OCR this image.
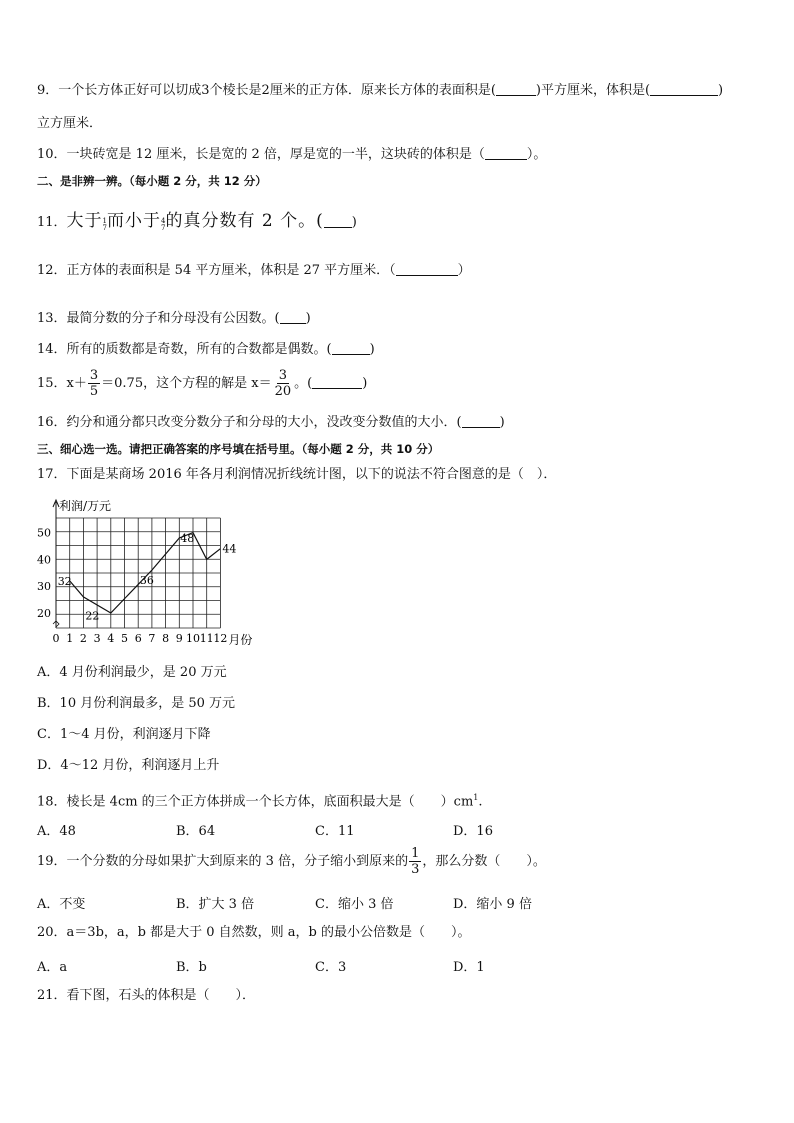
9．一个长方体正好可以切成3个棱长是2厘米的正方体．原来长方体的表面积是(	)平方厘米，体积是(	)
立方厘米．
10．一块砖宽是 12 厘米，长是宽的 2 倍，厚是宽的一半，这块砖的体积是（	）。
二、是非辨一辨。（每小题 2 分，共 12 分）
11．大于 1
7 而小于 4
7 的真分数有 2 个。( )
12．正方体的表面积是 54 平方厘米，体积是 27 平方厘米．（	）
13．最简分数的分子和分母没有公因数。( )
14．所有的质数都是奇数，所有的合数都是偶数。(	)
15．$x+ \frac{3}{5} =0.75$，这个方程的解是 $x= \frac{3}{20}$ 。(	)
16．约分和通分都只改变分数分子和分母的大小，没改变分数值的大小．(	)
三、细心选一选。请把正确答案的序号填在括号里。（每小题 2 分，共 10 分）
17．下面是某商场 2016 年各月利润情况折线统计图，以下的说法不符合图意的是（　）．
利润/万元
20
30
40
50
0 1 2 3 4 5 6 7 8 9 10 11 12 月份
32
22
36
48
44
A．4 月份利润最少，是 20 万元
B．10 月份利润最多，是 50 万元
C．1～4 月份，利润逐月下降
D．4～12 月份，利润逐月上升
18．棱长是 4cm 的三个正方体拼成一个长方体，底面积最大是（　　）$cm^1$.
A．48	B．64	C．11	D．16
19．一个分数的分母如果扩大到原来的 3 倍，分子缩小到原来的 $\frac{1}{3}$ ，那么分数（　　）。
A．不变	B．扩大 3 倍	C．缩小 3 倍	D．缩小 9 倍
20．a＝3b，a，b 都是大于 0 自然数，则 a，b 的最小公倍数是（　　）。
A．a	B．b	C．3	D．1
21．看下图，石头的体积是（　　）．
